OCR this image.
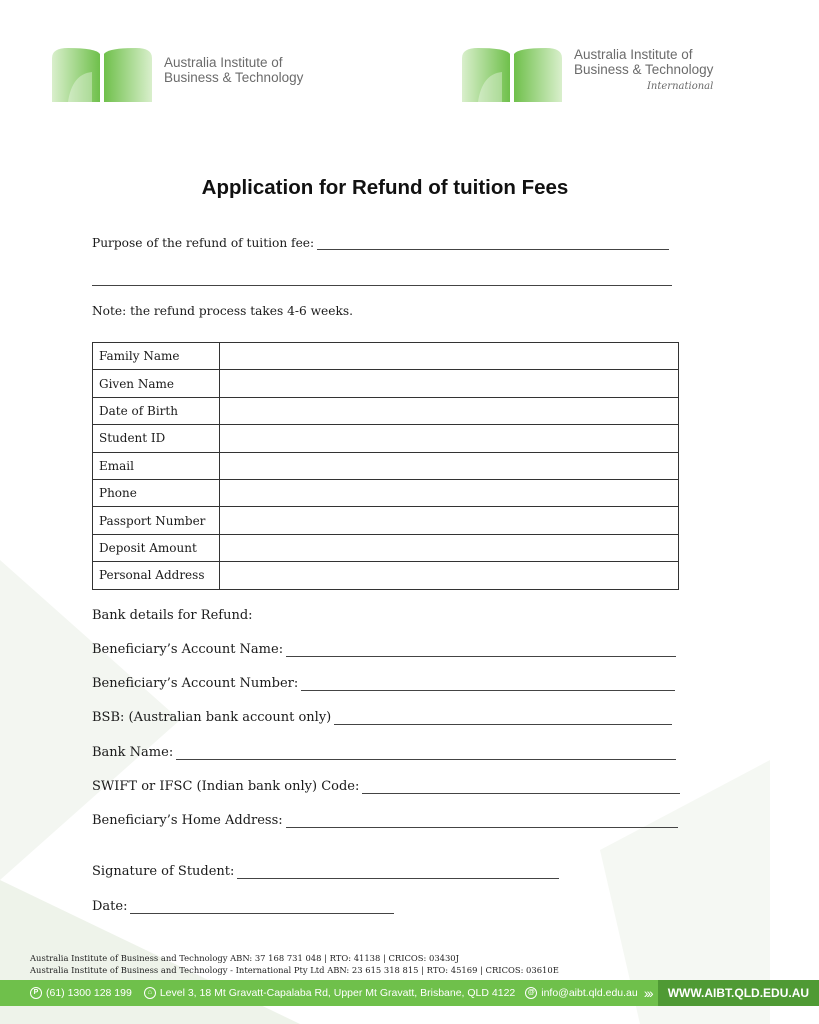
Australia Institute of
Business & Technology
Australia Institute of
Business & Technology
International
Application for Refund of tuition Fees
Purpose of the refund of tuition fee:
Note: the refund process takes 4-6 weeks.
Family Name	
Given Name	
Date of Birth	
Student ID	
Email	
Phone	
Passport Number	
Deposit Amount	
Personal Address	
Bank details for Refund:
Beneficiary’s Account Name:
Beneficiary’s Account Number:
BSB: (Australian bank account only)
Bank Name:
SWIFT or IFSC (Indian bank only) Code:
Beneficiary’s Home Address:
Signature of Student:
Date:
Australia Institute of Business and Technology ABN: 37 168 731 048 | RTO: 41138 | CRICOS: 03430J
Australia Institute of Business and Technology - International Pty Ltd ABN: 23 615 318 815 | RTO: 45169 | CRICOS: 03610E
P (61) 1300 128 199	⌂ Level 3, 18 Mt Gravatt-Capalaba Rd, Upper Mt Gravatt, Brisbane, QLD 4122	@ info@aibt.qld.edu.au ››› WWW.AIBT.QLD.EDU.AU
